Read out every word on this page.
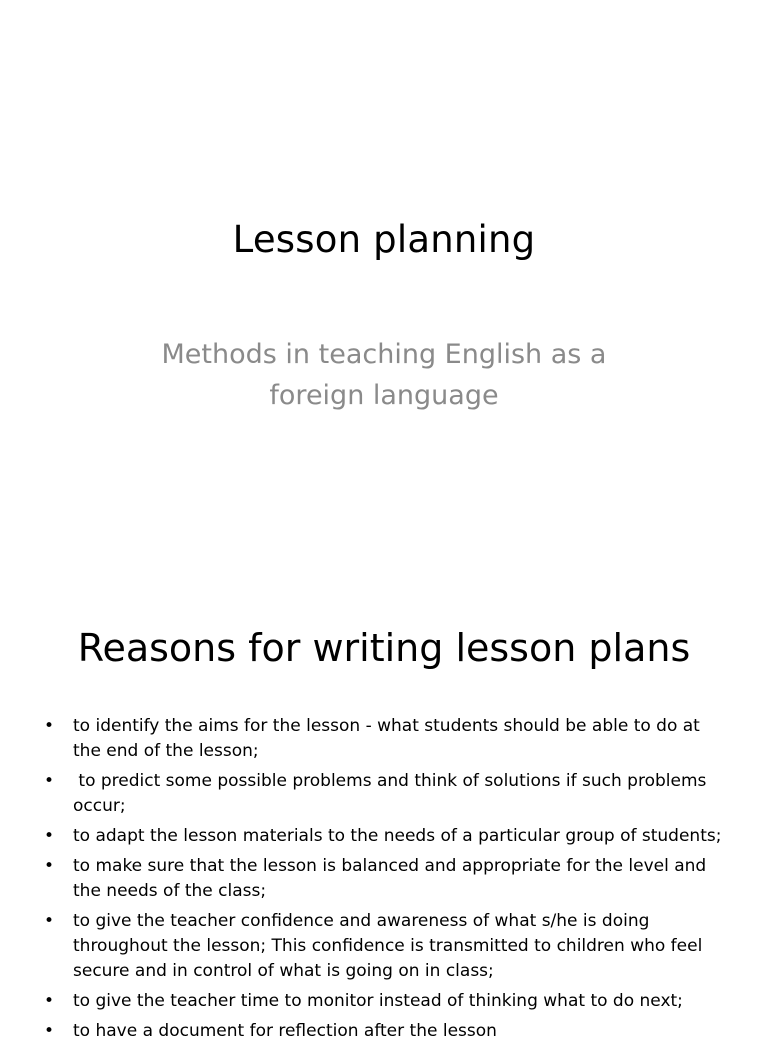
Lesson planning

Methods in teaching English as a foreign language

Reasons for writing lesson plans
• to identify the aims for the lesson - what students should be able to do at the end of the lesson;
• to predict some possible problems and think of solutions if such problems occur;
• to adapt the lesson materials to the needs of a particular group of students;
• to make sure that the lesson is balanced and appropriate for the level and the needs of the class;
• to give the teacher confidence and awareness of what s/he is doing throughout the lesson; This confidence is transmitted to children who feel secure and in control of what is going on in class;
• to give the teacher time to monitor instead of thinking what to do next;
• to have a document for reflection after the lesson
